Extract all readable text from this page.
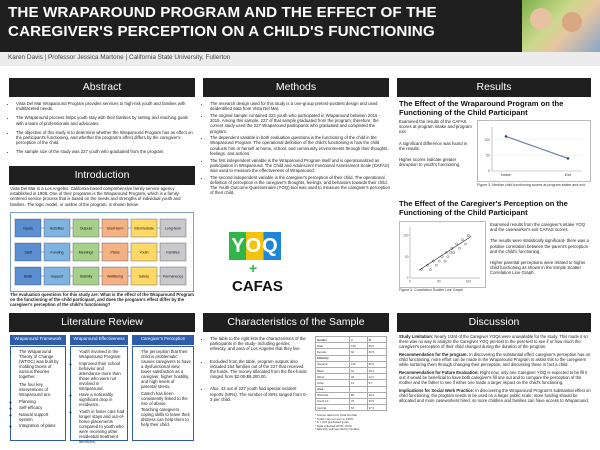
THE WRAPAROUND PROGRAM AND THE EFFECT OF THE CAREGIVER'S PERCEPTION ON A CHILD'S FUNCTIONING
Karen Davis | Professor Jessica Martone | California State University, Fullerton
Abstract
• Vista Del Mar Wraparound Program provides services to high-risk youth and families with multifaceted needs.
• The Wraparound process helps youth stay with their families by setting and reaching goals with a team of professionals and advocates.
• The objective of this study is to determine whether the Wraparound Program has an effect on the participant's functioning, and whether the program's effect differs by the caregiver's perception of the child.
• The sample size of the study was 227 youth who graduated from the program.
Introduction
Vista Del Mar is a Los Angeles, California-based comprehensive family service agency established in 1908. One of their programs is the Wraparound Program, which is a family-centered service process that is based on the needs and strengths of individual youth and families. The logic model, or outline of the program, is shown below.
Inputs	Activities	Outputs	Short-term	Intermediate	Long-term
Staff	Funding	Meetings	Plans	Youth	Families
Skills	Support	Stability	Wellbeing	Safety	Permanency
The evaluation questions for this study are: What is the effect of the Wraparound Program on the functioning of the child participant, and does the program's effect differ by the caregiver's perception of the child's functioning?
Literature Review
Wraparound Framework
• The Wraparound Theory of Change (WTOC) was built by molding facets of various theories together.
• The four key interventions of Wraparound are:
◦ Planning
◦ Self-efficacy
◦ Natural support system
◦ Integration of plans
Wraparound Effectiveness
• Youth involved in the Wraparound Program:
◦ Improved their school behavior and attendance more than those who were not involved in Wraparound.
◦ Have a noticeably significant drop in recidivism.
◦ Youth in foster care had longer stays and out-of-home placements compared to youth who were receiving other residential treatment services.
Caregiver's Perception
• The perception that their child is problematic causes caregivers to have a dysfunctional view, lower satisfaction as a caregiver, higher hostility, and high levels of parental stress.
• Catech has been consistently linked to the rise of abuse.
• Teaching caregivers coping skills to leave their distress can help them to help their child.
Methods
• The research design used for this study is a one-group pretest-posttest design and used deidentified data from Vista Del Mar.
• The original sample contained 323 youth who participated in Wraparound between 2015 - 2019. Among this sample, 227 of that sample graduated from the program; therefore, the current study used the 227 Wraparound participants who graduated and completed the program.
• The dependent variable in both evaluation questions is the functioning of the child in the Wraparound Program. The operational definition of the child's functioning is how the child conducts him or herself at home, school, and community environments through their thoughts, feelings, and actions.
• The first independent variable is the Wraparound Program itself and is operationalized as participation in Wraparound. The Child and Adolescent Functional Assessment Scale (CAFAS) was used to measure the effectiveness of Wraparound.
• The second independent variable is the caregiver's perception of their child. The operational definition of perception is the caregiver's thoughts, feelings, and behaviors towards their child. The Youth Outcome Questionnaire (YOQ) tool was used to measure the caregiver's perception of their child.
YOQ
+
CAFAS
Characteristics of the Sample
• The table to the right lists the characteristics of the participants in the study- including gender, ethnicity, and area of Los Angeles that they live.
• Excluded from the table, program outputs also included 164 families out of the 227 that received the funds. The money allocated from the flex-funds ranged from $2.00-$9,300.00.
• Also, 43 out of 227 youth had special incident reports (SIRs). The number of SIRs ranged from 0-3 per child.
Gender	n	%
Male	135	59.5
Female	92	40.5
Ethnicity		
Hispanic	118	52.0
Black	64	28.2
White	32	14.1
Other	13	5.7
Area		
Westside	89	39.2
South LA	76	33.5
Central	62	27.3
* Source data from Vista Del Mar
* Totals may not sum to 100%
* N = 227 graduated youth
* Data collected 2015 - 2019
* Ethnicity self-reported by families
Results
The Effect of the Wraparound Program on the Functioning of the Child Participant

Examined the results of the CAFAS scores at program intake and program exit.

A significant difference was found in the results.

Higher scores indicate greater disruption to youth's functioning.

0
50
100
Intake	Exit
Figure 3: Median child functioning scores at program intake and exit.
The Effect of the Caregiver's Perception on the Functioning of the Child Participant
0
0
50
50
100
100
Figure 3. Correlation Scatter Line Graph

Examined results from the caregiver's intake YOQ and the caseworker's exit CAFAS scores.

The results were statistically significant- there was a positive correlation between the parent's perception and the child's functioning.

Higher parental perceptions were related to higher child functioning as shown in the Simple Scatter Correlation Line Graph.

Discussion

Study Limitation: Nearly 1/3rd of the Caregiver YOQs were unavailable for the study. This made it so there was no way to analyze the Caregiver YOQ pre-test to the post-test to see if or how much the caregiver's perception of their child changed during the duration of the program.

Recommendation for the program: In discovering the substantial effect caregiver's perception has on child functioning, more effort can be made in the Wraparound Program to assist this to the caregivers while nurturing them through changing their perception, and discussing these in fact a child.

Recommendation for Future Evaluation: Right now, only one Caregiver YOQ is expected to be fill it out; it would be beneficial to have both caregiver's fill one out and to compare the perception of the mother and the father to see if either one made a larger impact on the child's functioning.

Implications for Social Work Practice: In discovering the Wraparound Program's substantial effect on child functioning, the program needs to be used on a larger public scale; more funding should be allocated and more caseworkers hired, so more children and families can have access to Wraparound.
